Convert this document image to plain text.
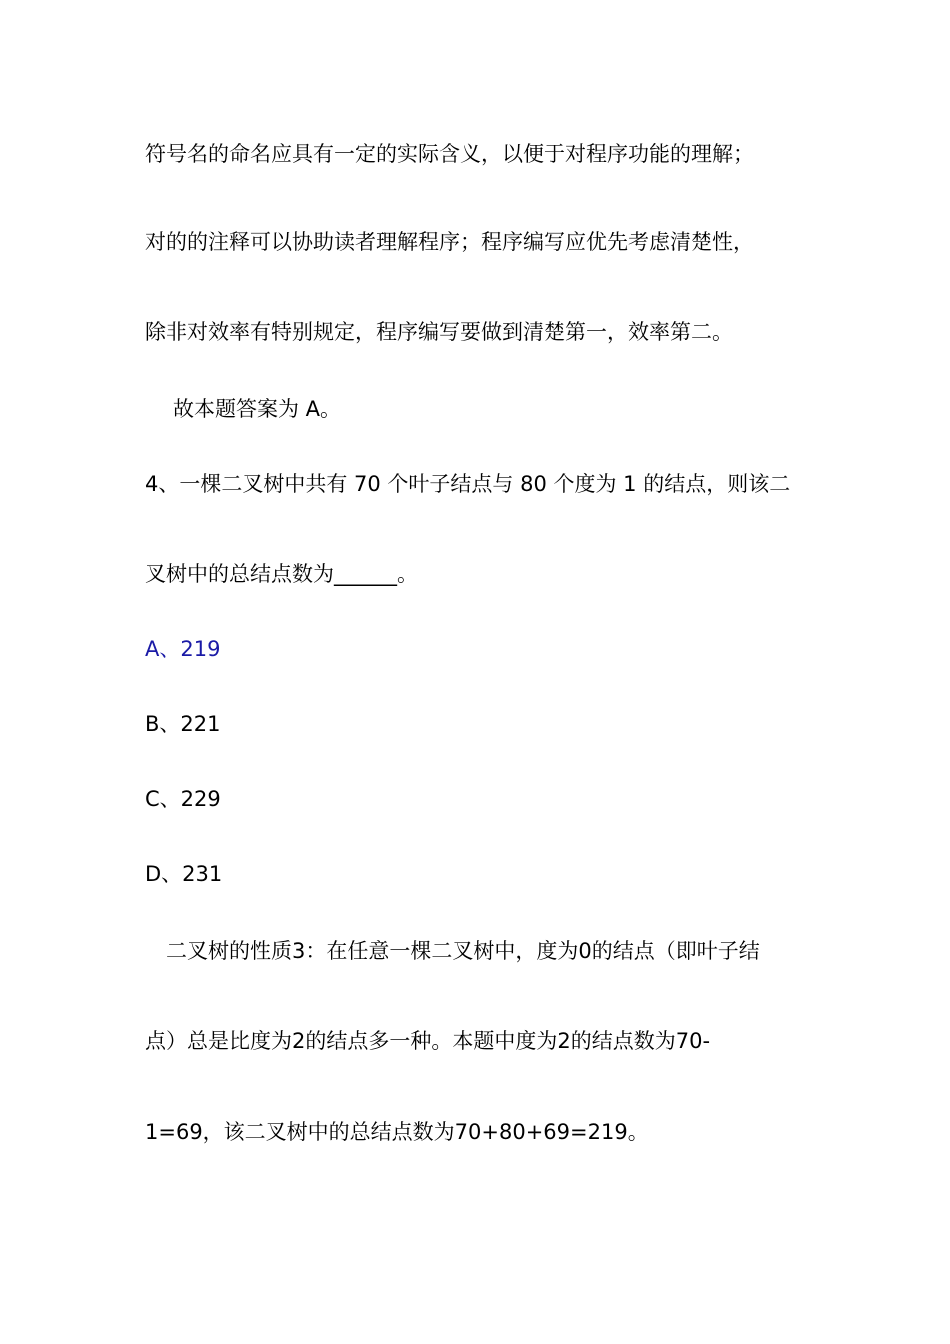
符号名的命名应具有一定的实际含义，以便于对程序功能的理解；
对的的注释可以协助读者理解程序；程序编写应优先考虑清楚性，
除非对效率有特别规定，程序编写要做到清楚第一，效率第二。
故本题答案为 A。
4、一棵二叉树中共有 70 个叶子结点与 80 个度为 1 的结点，则该二
叉树中的总结点数为______。
A、219
B、221
C、229
D、231
二叉树的性质3：在任意一棵二叉树中，度为0的结点（即叶子结
点）总是比度为2的结点多一种。本题中度为2的结点数为70-
1=69，该二叉树中的总结点数为70+80+69=219。
